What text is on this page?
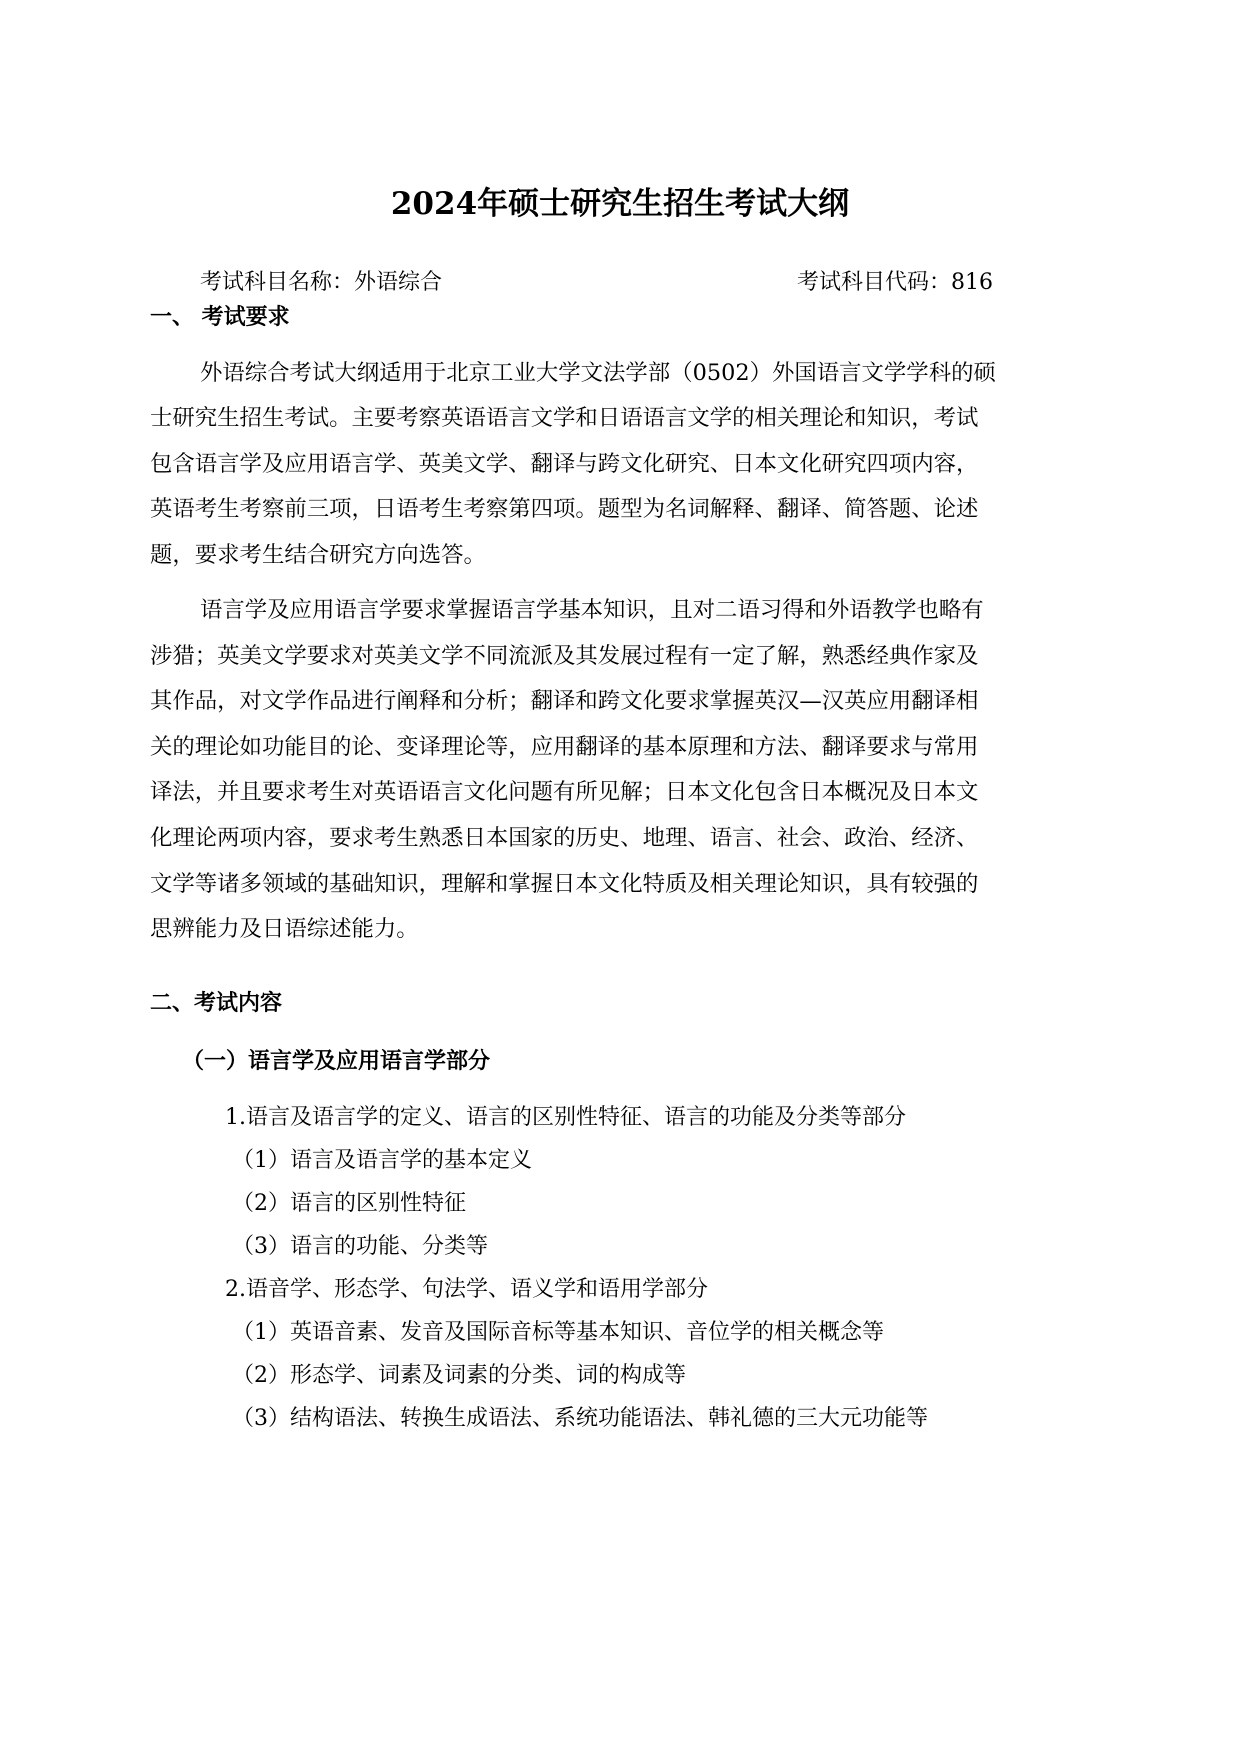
2024年硕士研究生招生考试大纲
考试科目名称：外语综合	考试科目代码：816
一、 考试要求
外语综合考试大纲适用于北京工业大学文法学部（0502）外国语言文学学科的硕
士研究生招生考试。主要考察英语语言文学和日语语言文学的相关理论和知识，考试
包含语言学及应用语言学、英美文学、翻译与跨文化研究、日本文化研究四项内容，
英语考生考察前三项，日语考生考察第四项。题型为名词解释、翻译、简答题、论述
题，要求考生结合研究方向选答。
语言学及应用语言学要求掌握语言学基本知识，且对二语习得和外语教学也略有
涉猎；英美文学要求对英美文学不同流派及其发展过程有一定了解，熟悉经典作家及
其作品，对文学作品进行阐释和分析；翻译和跨文化要求掌握英汉—汉英应用翻译相
关的理论如功能目的论、变译理论等，应用翻译的基本原理和方法、翻译要求与常用
译法，并且要求考生对英语语言文化问题有所见解；日本文化包含日本概况及日本文
化理论两项内容，要求考生熟悉日本国家的历史、地理、语言、社会、政治、经济、
文学等诸多领域的基础知识，理解和掌握日本文化特质及相关理论知识，具有较强的
思辨能力及日语综述能力。
二、考试内容
（一）语言学及应用语言学部分
1.语言及语言学的定义、语言的区别性特征、语言的功能及分类等部分
（1）语言及语言学的基本定义
（2）语言的区别性特征
（3）语言的功能、分类等
2.语音学、形态学、句法学、语义学和语用学部分
（1）英语音素、发音及国际音标等基本知识、音位学的相关概念等
（2）形态学、词素及词素的分类、词的构成等
（3）结构语法、转换生成语法、系统功能语法、韩礼德的三大元功能等
